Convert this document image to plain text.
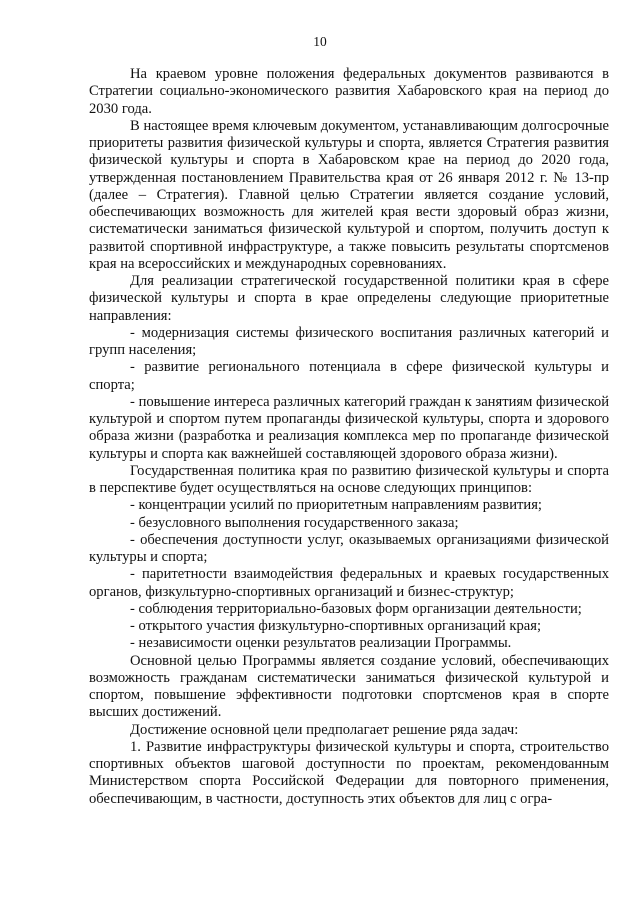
10

На краевом уровне положения федеральных документов развиваются в Стратегии социально-экономического развития Хабаровского края на период до 2030 года.

В настоящее время ключевым документом, устанавливающим долгосрочные приоритеты развития физической культуры и спорта, является Стратегия развития физической культуры и спорта в Хабаровском крае на период до 2020 года, утвержденная постановлением Правительства края от 26 января 2012 г. № 13-пр (далее – Стратегия). Главной целью Стратегии является создание условий, обеспечивающих возможность для жителей края вести здоровый образ жизни, систематически заниматься физической культурой и спортом, получить доступ к развитой спортивной инфраструктуре, а также повысить результаты спортсменов края на всероссийских и международных соревнованиях.

Для реализации стратегической государственной политики края в сфере физической культуры и спорта в крае определены следующие приоритетные направления:

- модернизация системы физического воспитания различных категорий и групп населения;

- развитие регионального потенциала в сфере физической культуры и спорта;

- повышение интереса различных категорий граждан к занятиям физической культурой и спортом путем пропаганды физической культуры, спорта и здорового образа жизни (разработка и реализация комплекса мер по пропаганде физической культуры и спорта как важнейшей составляющей здорового образа жизни).

Государственная политика края по развитию физической культуры и спорта в перспективе будет осуществляться на основе следующих принципов:

- концентрации усилий по приоритетным направлениям развития;

- безусловного выполнения государственного заказа;

- обеспечения доступности услуг, оказываемых организациями физической культуры и спорта;

- паритетности взаимодействия федеральных и краевых государственных органов, физкультурно-спортивных организаций и бизнес-структур;

- соблюдения территориально-базовых форм организации деятельности;

- открытого участия физкультурно-спортивных организаций края;

- независимости оценки результатов реализации Программы.

Основной целью Программы является создание условий, обеспечивающих возможность гражданам систематически заниматься физической культурой и спортом, повышение эффективности подготовки спортсменов края в спорте высших достижений.

Достижение основной цели предполагает решение ряда задач:

1. Развитие инфраструктуры физической культуры и спорта, строительство спортивных объектов шаговой доступности по проектам, рекомендованным Министерством спорта Российской Федерации для повторного применения, обеспечивающим, в частности, доступность этих объектов для лиц с огра-
